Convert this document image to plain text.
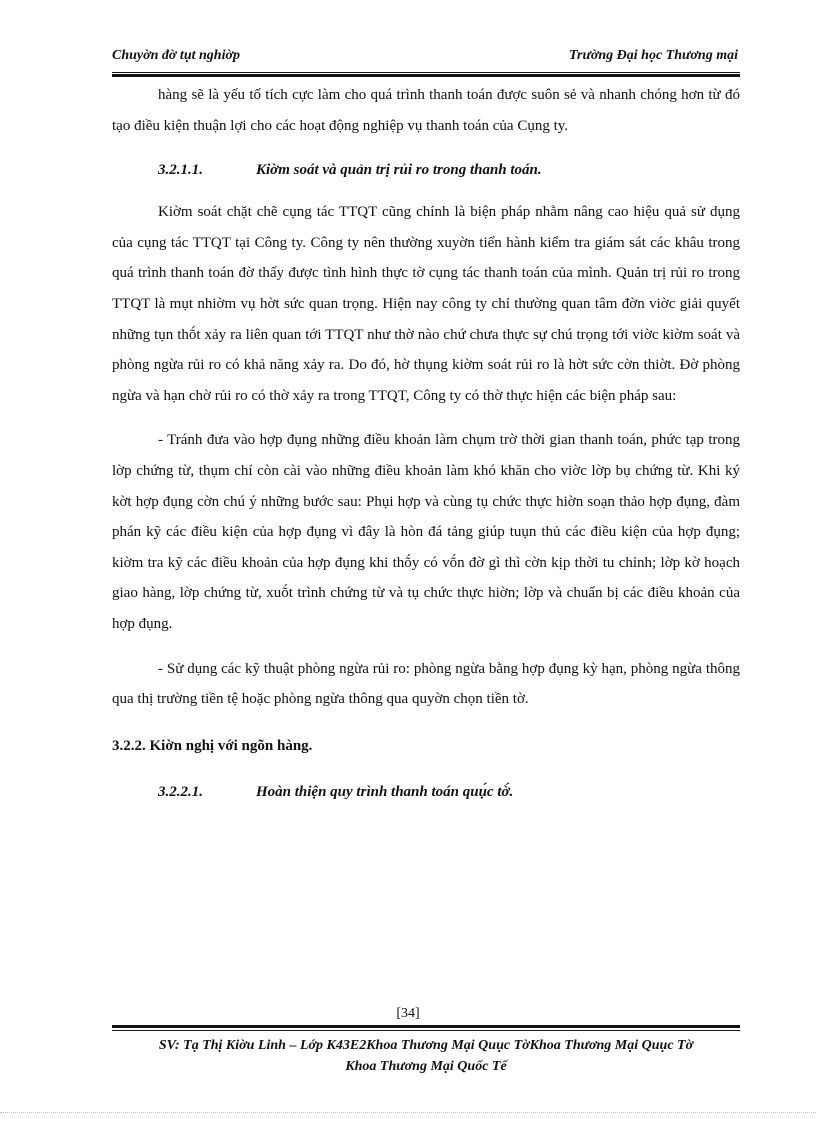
Chuyờn đờ tụt nghiờp	Trường Đại học Thương mại

hàng sẽ là yếu tố tích cực làm cho quá trình thanh toán được suôn sẻ và nhanh chóng hơn từ đó tạo điều kiện thuận lợi cho các hoạt động nghiệp vụ thanh toán của Cụng ty.

3.2.1.1.	Kiờm soát và quản trị rủi ro trong thanh toán.

Kiờm soát chặt chẽ cụng tác TTQT cũng chính là biện pháp nhằm nâng cao hiệu quả sử dụng của cụng tác TTQT tại Công ty. Công ty nên thường xuyờn tiến hành kiểm tra giám sát các khâu trong quá trình thanh toán đờ thấy được tình hình thực tờ cụng tác thanh toán của mình. Quản trị rủi ro trong TTQT là mụt nhiờm vụ hờt sức quan trọng. Hiện nay công ty chỉ thường quan tâm đờn viờc giải quyết những tụn thṍt xảy ra liên quan tới TTQT như thờ nào chứ chưa thực sự chú trọng tới viờc kiờm soát và phòng ngừa rủi ro có khả năng xảy ra. Do đó, hờ thụng kiờm soát rủi ro là hờt sức cờn thiờt. Đờ phòng ngừa và hạn chờ rủi ro có thờ xảy ra trong TTQT, Công ty có thờ thực hiện các biện pháp sau:

- Tránh đưa vào hợp đụng những điều khoản làm chụm trờ thời gian thanh toán, phức tạp trong lờp chứng từ, thụm chí còn cài vào những điều khoản làm khó khăn cho viờc lờp bụ chứng từ. Khi ký kờt hợp đụng cờn chú ý những bước sau: Phụi hợp và cùng tụ chức thực hiờn soạn thảo hợp đụng, đàm phán kỹ các điều kiện của hợp đụng vì đây là hòn đá tảng giúp tuụn thủ các điều kiện của hợp đụng; kiờm tra kỹ các điều khoản của hợp đụng khi thṍy có vṍn đờ gì thì cờn kịp thời tu chỉnh; lờp kờ hoạch giao hàng, lờp chứng từ, xuṍt trình chứng từ và tụ chức thực hiờn; lờp và chuẩn bị các điều khoản của hợp đụng.

- Sử dụng các kỹ thuật phòng ngừa rủi ro: phòng ngừa bằng hợp đụng kỳ hạn, phòng ngừa thông qua thị trường tiền tệ hoặc phòng ngừa thông qua quyờn chọn tiền tờ.

3.2.2. Kiờn nghị với ngõn hàng.
3.2.2.1.	Hoàn thiện quy trình thanh toán quụ́c tờ́.
[34]
SV: Tạ Thị Kiờu Linh – Lớp K43E2Khoa Thương Mại Quục TờKhoa Thương Mại Quục Tờ
Khoa Thương Mại Quốc Tế
